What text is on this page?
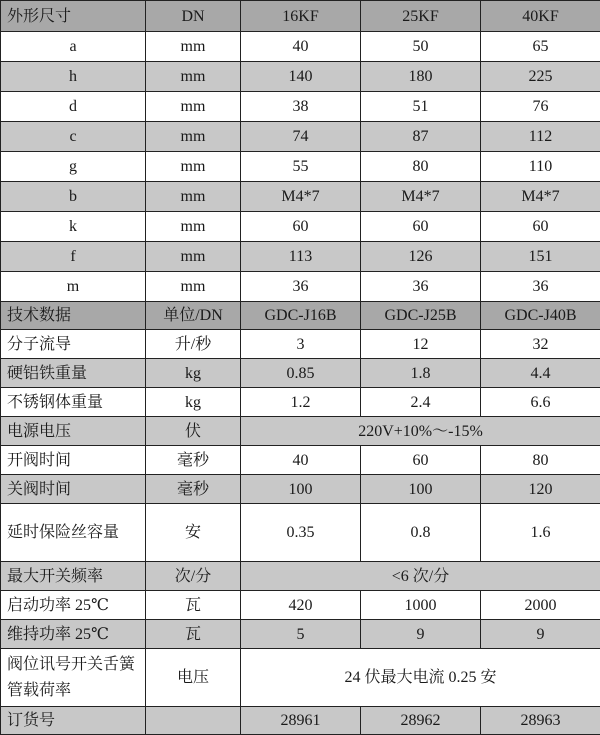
外形尺寸	DN	16KF	25KF	40KF
a	mm	40	50	65
h	mm	140	180	225
d	mm	38	51	76
c	mm	74	87	112
g	mm	55	80	110
b	mm	M4*7	M4*7	M4*7
k	mm	60	60	60
f	mm	113	126	151
m	mm	36	36	36
技术数据	单位/DN	GDC-J16B	GDC-J25B	GDC-J40B
分子流导	升/秒	3	12	32
硬铝铁重量	kg	0.85	1.8	4.4
不锈钢体重量	kg	1.2	2.4	6.6
电源电压	伏	220V+10%～-15%		
开阀时间	毫秒	40	60	80
关阀时间	毫秒	100	100	120
延时保险丝容量	安	0.35	0.8	1.6
最大开关频率	次/分	<6 次/分		
启动功率 25℃	瓦	420	1000	2000
维持功率 25℃	瓦	5	9	9
阀位讯号开关舌簧管载荷率	电压	24 伏最大电流 0.25 安		
订货号		28961	28962	28963
